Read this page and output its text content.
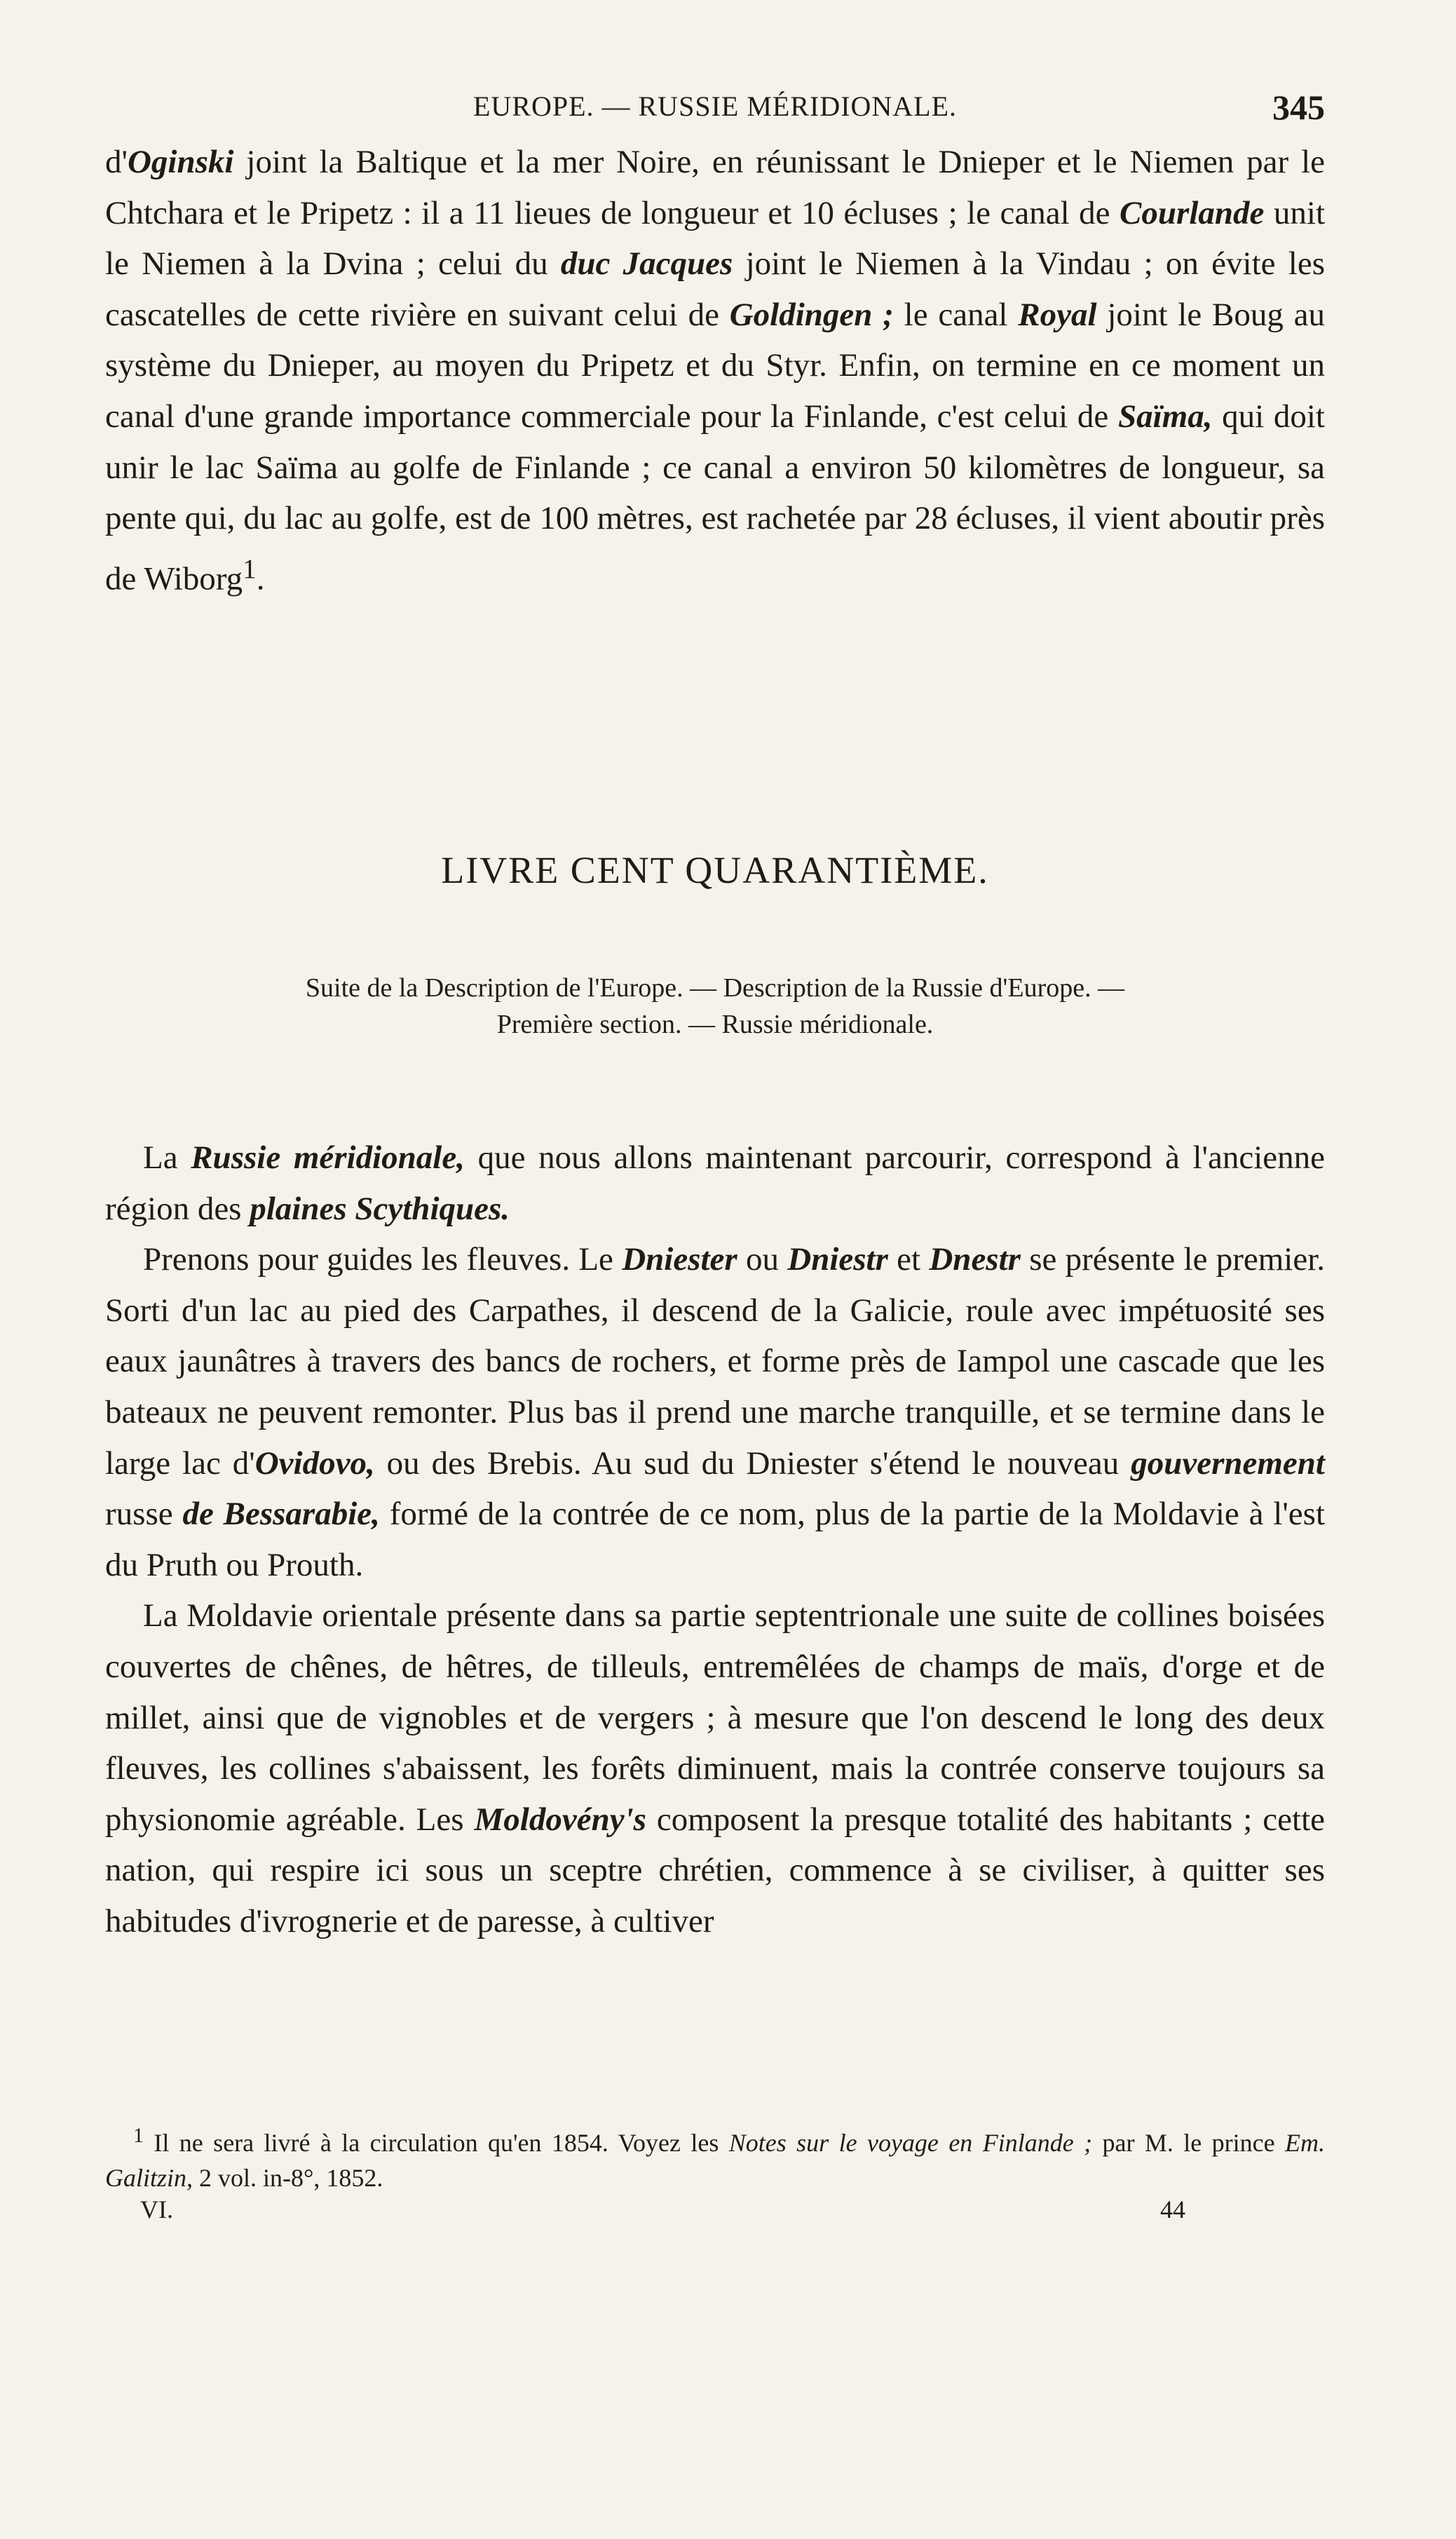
EUROPE. — RUSSIE MÉRIDIONALE.	345

d'Oginski joint la Baltique et la mer Noire, en réunissant le Dnieper et le Niemen par le Chtchara et le Pripetz : il a 11 lieues de longueur et 10 écluses ; le canal de Courlande unit le Niemen à la Dvina ; celui du duc Jacques joint le Niemen à la Vindau ; on évite les cascatelles de cette rivière en suivant celui de Goldingen ; le canal Royal joint le Boug au système du Dnieper, au moyen du Pripetz et du Styr. Enfin, on termine en ce moment un canal d'une grande importance commerciale pour la Finlande, c'est celui de Saïma, qui doit unir le lac Saïma au golfe de Finlande ; ce canal a environ 50 kilomètres de longueur, sa pente qui, du lac au golfe, est de 100 mètres, est rachetée par 28 écluses, il vient aboutir près de Wiborg$^1$.

LIVRE CENT QUARANTIÈME.
Suite de la Description de l'Europe. — Description de la Russie d'Europe. —
Première section. — Russie méridionale.

La Russie méridionale, que nous allons maintenant parcourir, correspond à l'ancienne région des plaines Scythiques.

Prenons pour guides les fleuves. Le Dniester ou Dniestr et Dnestr se présente le premier. Sorti d'un lac au pied des Carpathes, il descend de la Galicie, roule avec impétuosité ses eaux jaunâtres à travers des bancs de rochers, et forme près de Iampol une cascade que les bateaux ne peuvent remonter. Plus bas il prend une marche tranquille, et se termine dans le large lac d'Ovidovo, ou des Brebis. Au sud du Dniester s'étend le nouveau gouvernement russe de Bessarabie, formé de la contrée de ce nom, plus de la partie de la Moldavie à l'est du Pruth ou Prouth.

La Moldavie orientale présente dans sa partie septentrionale une suite de collines boisées couvertes de chênes, de hêtres, de tilleuls, entremêlées de champs de maïs, d'orge et de millet, ainsi que de vignobles et de vergers ; à mesure que l'on descend le long des deux fleuves, les collines s'abaissent, les forêts diminuent, mais la contrée conserve toujours sa physionomie agréable. Les Moldovény's composent la presque totalité des habitants ; cette nation, qui respire ici sous un sceptre chrétien, commence à se civiliser, à quitter ses habitudes d'ivrognerie et de paresse, à cultiver

$^1$ Il ne sera livré à la circulation qu'en 1854. Voyez les Notes sur le voyage en Finlande ; par M. le prince Em. Galitzin, 2 vol. in-8°, 1852.

VI.	44
